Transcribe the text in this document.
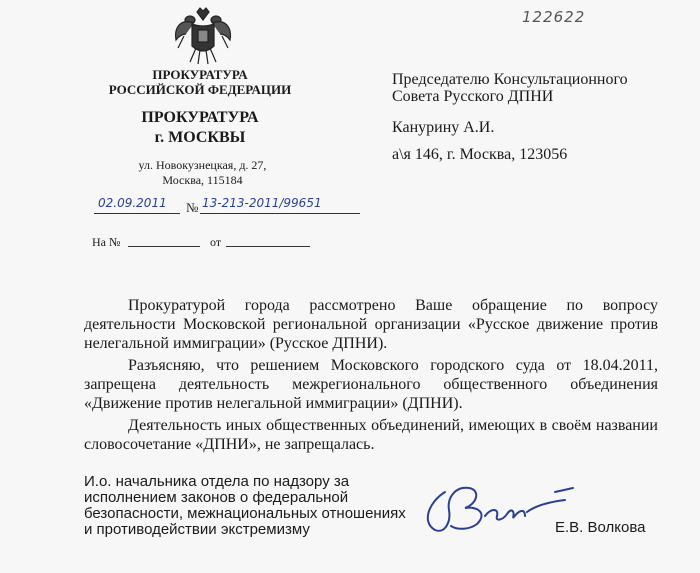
122622
ПРОКУРАТУРА
РОССИЙСКОЙ ФЕДЕРАЦИИ
ПРОКУРАТУРА
г. МОСКВЫ
ул. Новокузнецкая, д. 27,
Москва, 115184
02.09.2011 № 13-213-2011/99651
На №	от
Председателю Консультационного
Совета Русского ДПНИ
Канурину А.И.
а\я 146, г. Москва, 123056

Прокуратурой города рассмотрено Ваше обращение по вопросу деятельности Московской региональной организации «Русское движение против нелегальной иммиграции» (Русское ДПНИ).

Разъясняю, что решением Московского городского суда от 18.04.2011, запрещена деятельность межрегионального общественного объединения «Движение против нелегальной иммиграции» (ДПНИ).

Деятельность иных общественных объединений, имеющих в своём названии словосочетание «ДПНИ», не запрещалась.

И.о. начальника отдела по надзору за
исполнением законов о федеральной
безопасности, межнациональных отношениях
и противодействии экстремизму	Е.В. Волкова
